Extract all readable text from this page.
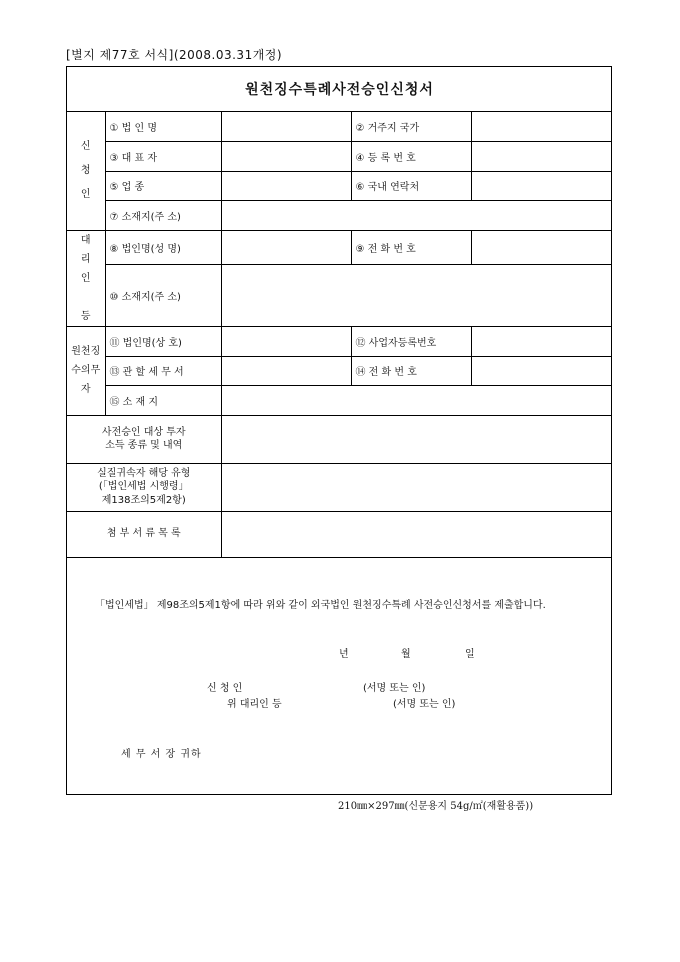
[별지 제77호 서식](2008.03.31개정)
원천징수특례사전승인신청서				

신
청
인	① 법 인 명		② 거주지 국가	
	③ 대 표 자		④ 등 록 번 호	
	⑤ 업 종		⑥ 국내 연락처	
	⑦ 소재지(주 소)			

대
리
인

등	⑧ 법인명(성 명)		⑨ 전 화 번 호	
	⑩ 소재지(주 소)			

원천징
수의무
자	⑪ 법인명(상 호)		⑫ 사업자등록번호	
	⑬ 관 할 세 무 서		⑭ 전 화 번 호	
	⑮ 소 재 지			

사전승인 대상 투자
소득 종류 및 내역				

실질귀속자 해당 유형
(「법인세법 시행령」
제138조의5제2항)				

첨 부 서 류 목 록				
「법인세법」 제98조의5제1항에 따라 위와 같이 외국법인 원천징수특례 사전승인신청서를 제출합니다.
년	월	일
신 청 인	(서명 또는 인)
위 대리인 등	(서명 또는 인)
세 무 서 장 귀하
210㎜×297㎜(신문용지 54g/㎡(재활용품))
